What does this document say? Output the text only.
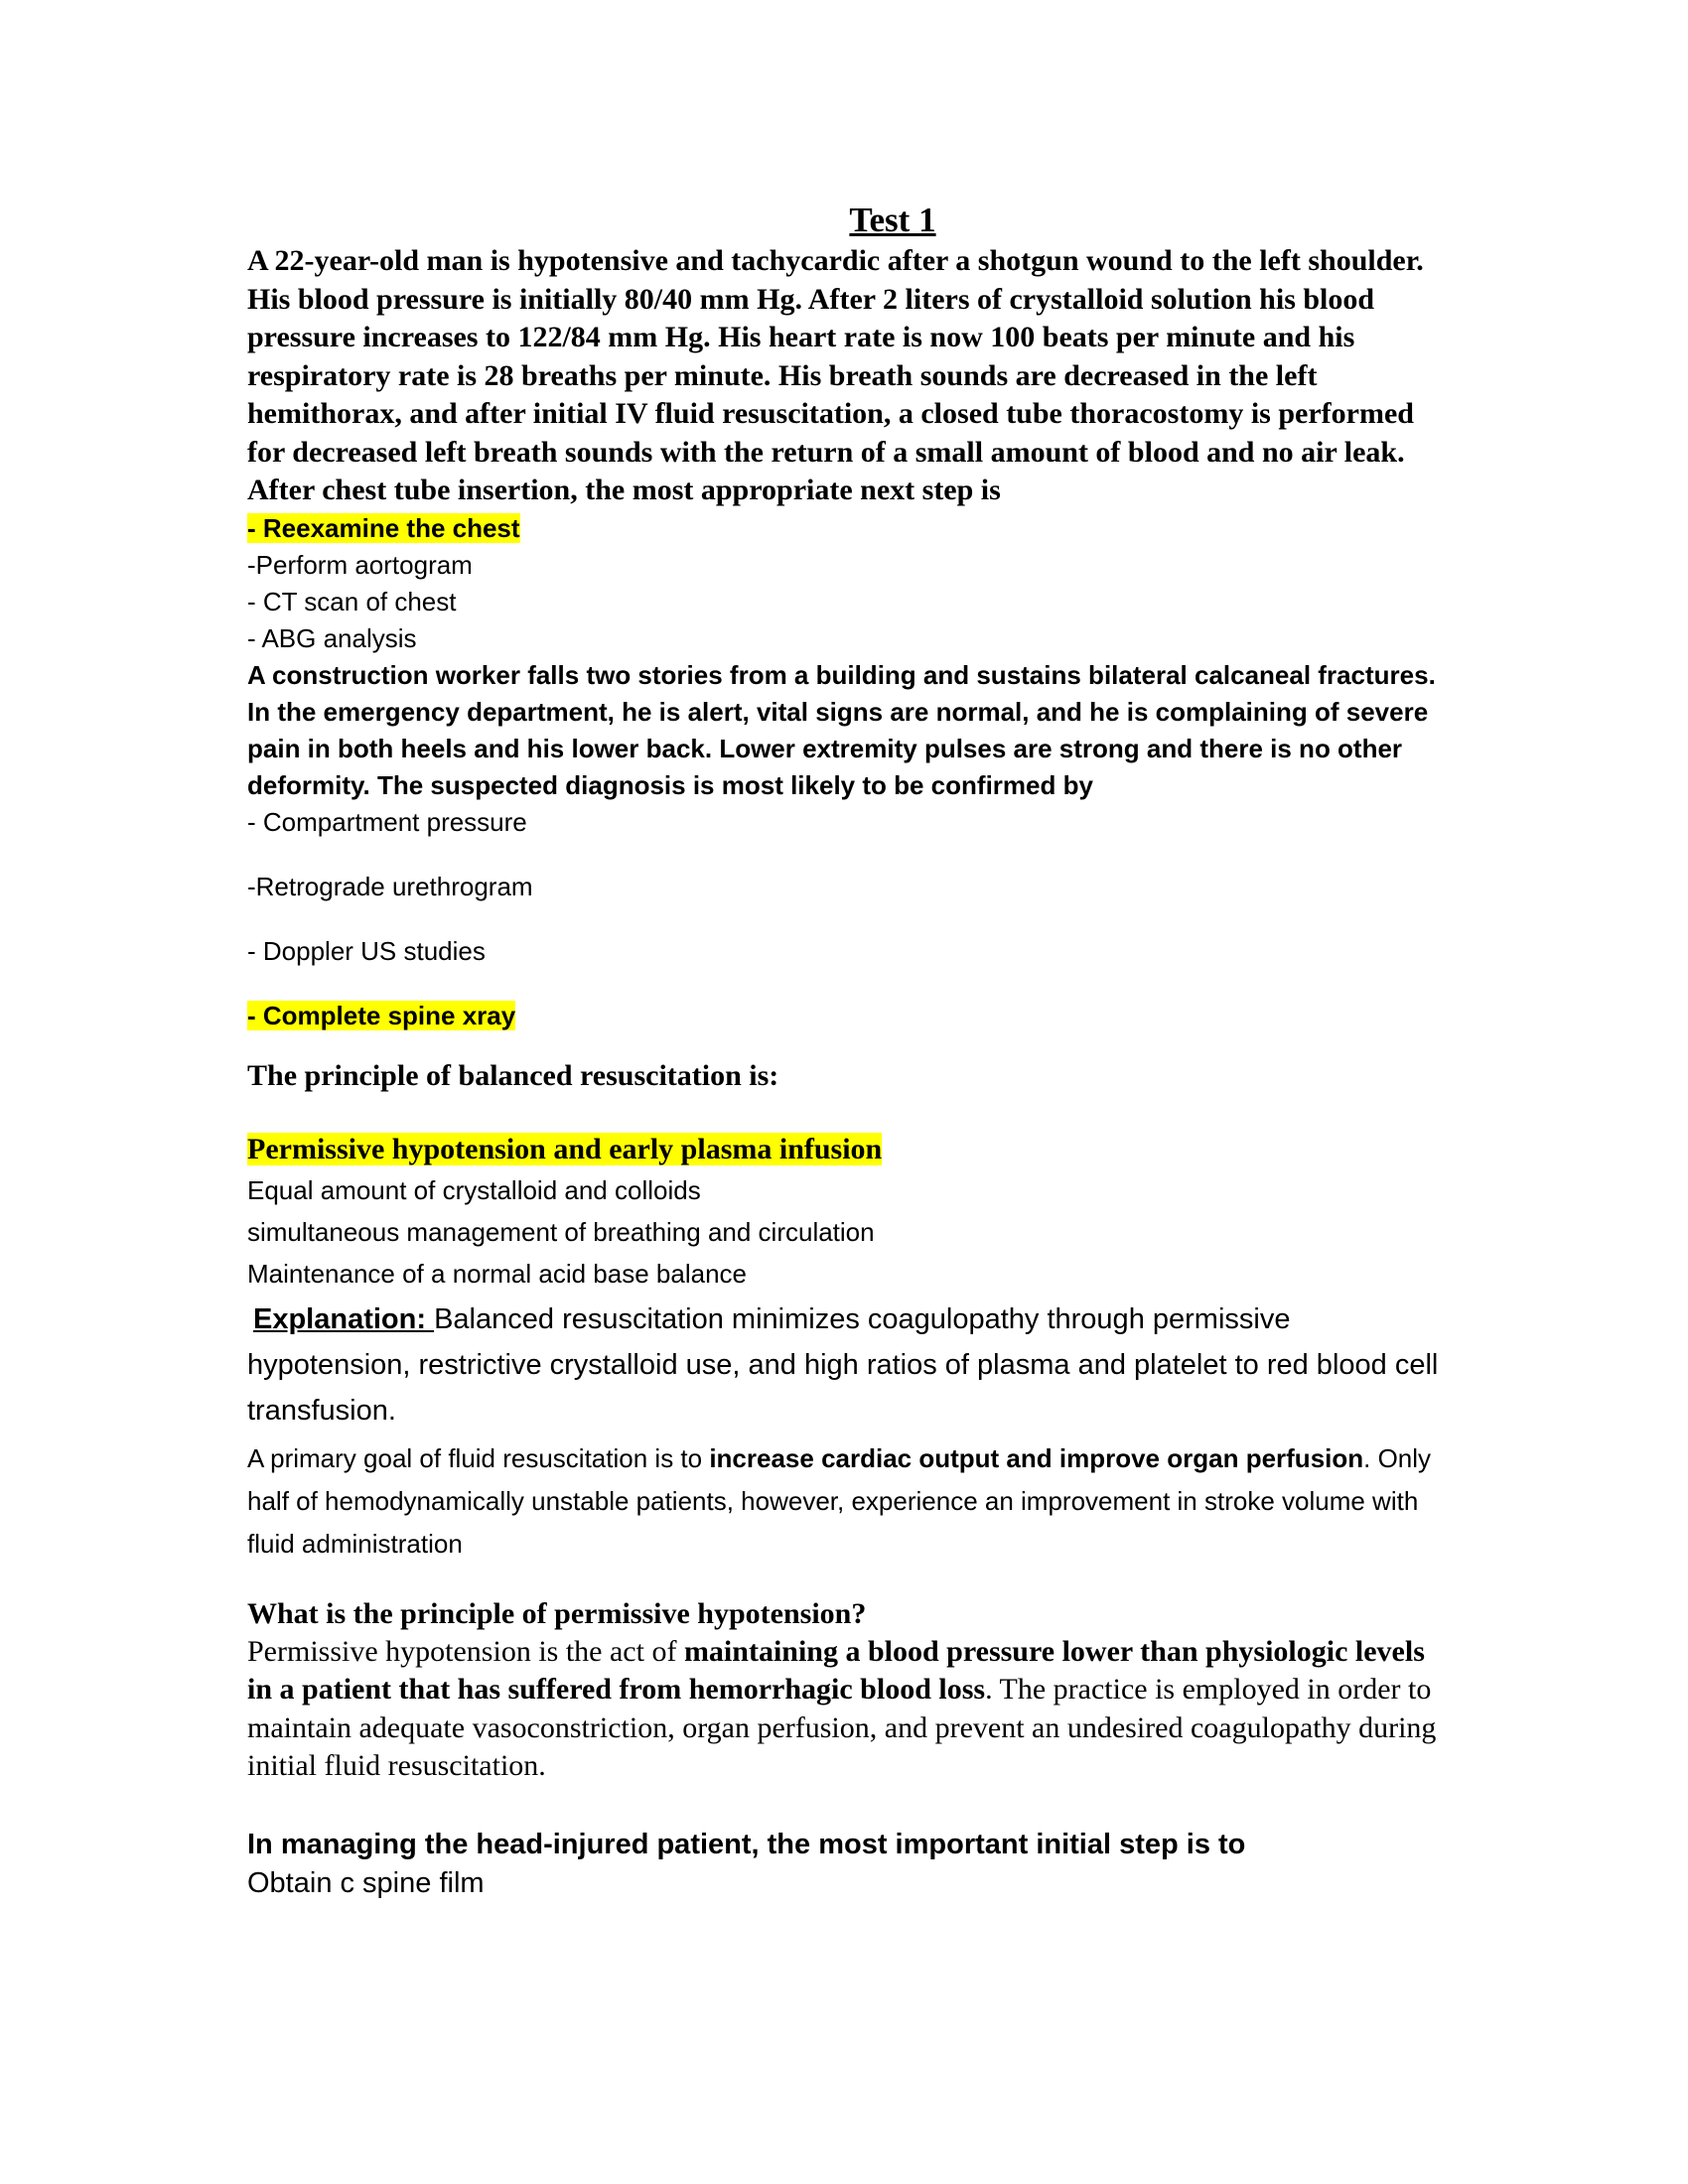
Test 1

A 22-year-old man is hypotensive and tachycardic after a shotgun wound to the left shoulder. His blood pressure is initially 80/40 mm Hg. After 2 liters of crystalloid solution his blood pressure increases to 122/84 mm Hg. His heart rate is now 100 beats per minute and his respiratory rate is 28 breaths per minute. His breath sounds are decreased in the left hemithorax, and after initial IV fluid resuscitation, a closed tube thoracostomy is performed for decreased left breath sounds with the return of a small amount of blood and no air leak. After chest tube insertion, the most appropriate next step is

- Reexamine the chest

-Perform aortogram

- CT scan of chest

- ABG analysis

A construction worker falls two stories from a building and sustains bilateral calcaneal fractures. In the emergency department, he is alert, vital signs are normal, and he is complaining of severe pain in both heels and his lower back. Lower extremity pulses are strong and there is no other deformity. The suspected diagnosis is most likely to be confirmed by

- Compartment pressure

-Retrograde urethrogram

- Doppler US studies

- Complete spine xray

The principle of balanced resuscitation is:

Permissive hypotension and early plasma infusion

Equal amount of crystalloid and colloids

simultaneous management of breathing and circulation

Maintenance of a normal acid base balance

Explanation: Balanced resuscitation minimizes coagulopathy through permissive hypotension, restrictive crystalloid use, and high ratios of plasma and platelet to red blood cell transfusion.

A primary goal of fluid resuscitation is to increase cardiac output and improve organ perfusion. Only half of hemodynamically unstable patients, however, experience an improvement in stroke volume with fluid administration

What is the principle of permissive hypotension?

Permissive hypotension is the act of maintaining a blood pressure lower than physiologic levels in a patient that has suffered from hemorrhagic blood loss. The practice is employed in order to maintain adequate vasoconstriction, organ perfusion, and prevent an undesired coagulopathy during initial fluid resuscitation.

In managing the head-injured patient, the most important initial step is to

Obtain c spine film
